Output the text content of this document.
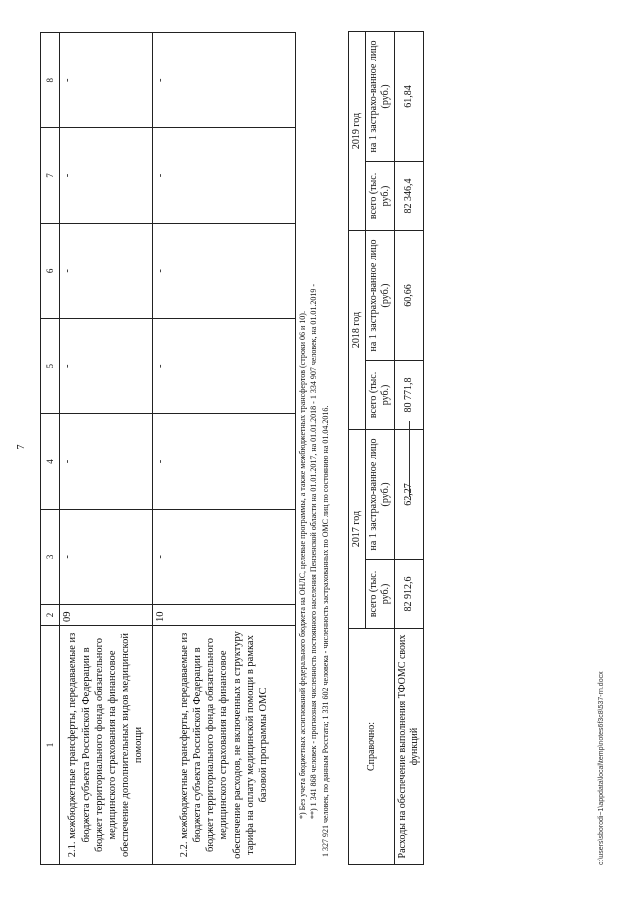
7
1	2	3	4	5	6	7	8
2.1. межбюджетные трансферты, передаваемые из бюджета субъекта Российской Федерации в бюджет территориального фонда обязательного медицинского страхования на финансовое обеспечение дополнительных видов медицинской помощи	09	-	-	-	-	-	-
2.2. межбюджетные трансферты, передаваемые из бюджета субъекта Российской Федерации в бюджет территориального фонда обязательного медицинского страхования на финансовое обеспечение расходов, не включенных в структуру тарифа на оплату медицинской помощи в рамках базовой программы ОМС	10	-	-	-	-	-	-
*) Без учета бюджетных ассигнований федерального бюджета на ОНЛС, целевые программы, а также межбюджетных трансфертов (строки 06 и 10). **) 1 341 868 человек - прогнозная численность постоянного населения Пензенской области на 01.01.2017, на 01.01.2018 - 1 334 907 человек, на 01.01.2019 - 1 327 921 человек, по данным Росстата; 1 331 602 человека - численность застрахованных по ОМС лиц по состоянию на 01.04.2016.	Справочно:	2017 год		2018 год		2019 год	
	всего (тыс. руб.)	на 1 застрахо-ванное лицо (руб.)	всего (тыс. руб.)	на 1 застрахо-ванное лицо (руб.)	всего (тыс. руб.)	на 1 застрахо-ванное лицо (руб.)
Расходы на обеспечение выполнения ТФОМС своих функций	82 912,6	62,27	80 771,8	60,66	82 346,4	61,84
c:\users\sborodi~1\appdata\local\temp\notes6f3c8\537-rn.docx
